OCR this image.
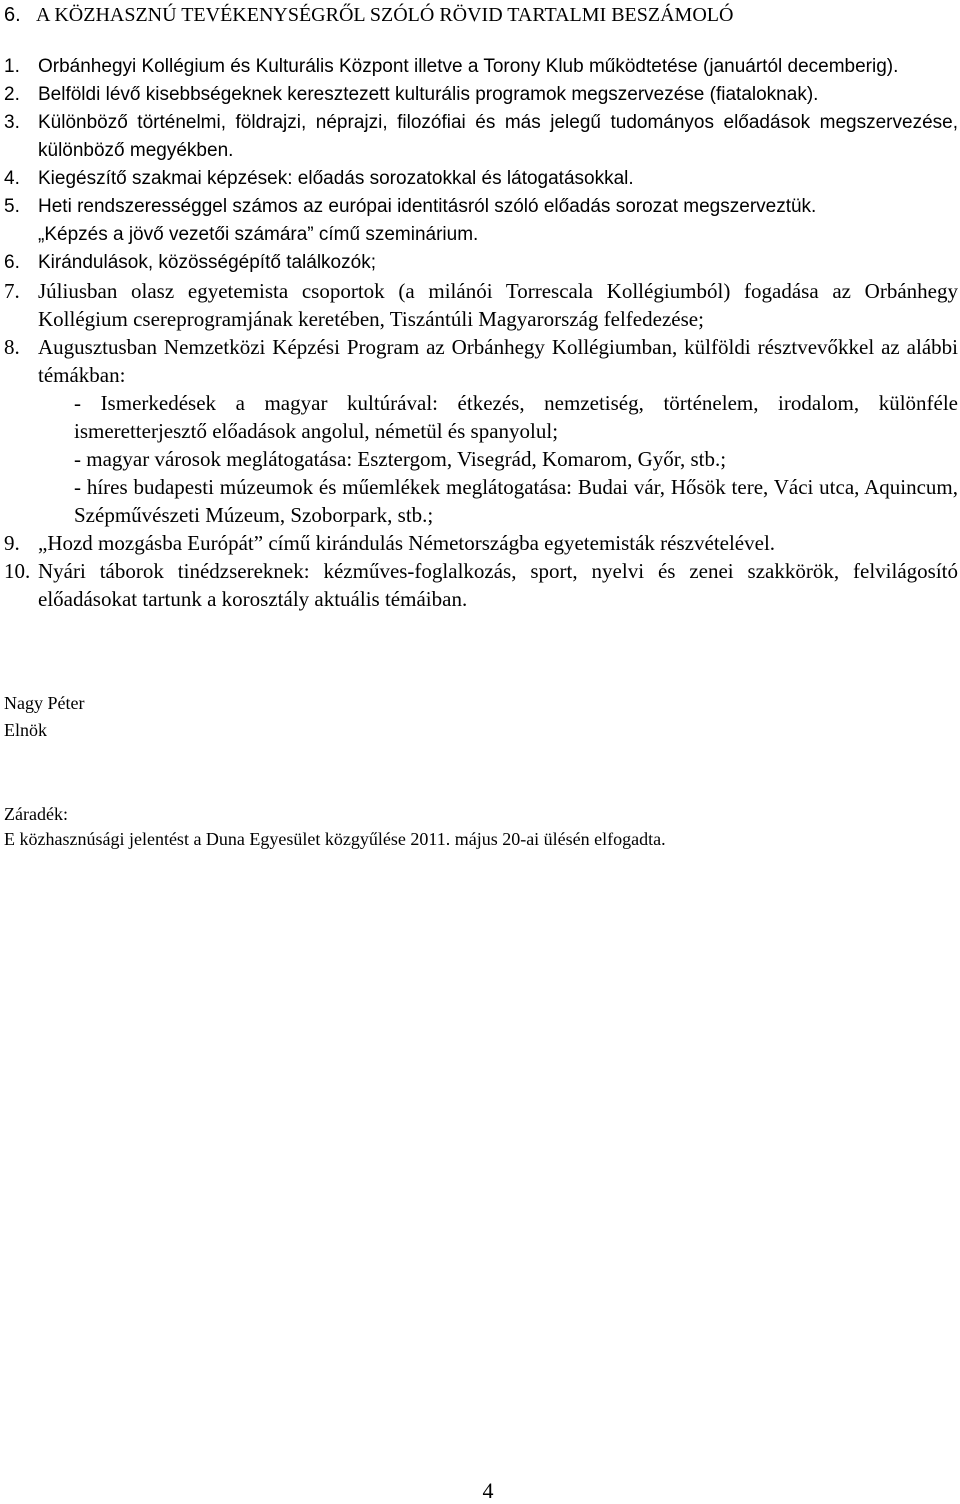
6. A KÖZHASZNÚ TEVÉKENYSÉGRŐL SZÓLÓ RÖVID TARTALMI BESZÁMOLÓ
1. Orbánhegyi Kollégium és Kulturális Központ illetve a Torony Klub működtetése (januártól decemberig).
2. Belföldi lévő kisebbségeknek keresztezett kulturális programok megszervezése (fiataloknak).
3. Különböző történelmi, földrajzi, néprajzi, filozófiai és más jelegű tudományos előadások megszervezése, különböző megyékben.
4. Kiegészítő szakmai képzések: előadás sorozatokkal és látogatásokkal.
5. Heti rendszerességgel számos az európai identitásról szóló előadás sorozat megszerveztük.
„Képzés a jövő vezetői számára” című szeminárium.
6. Kirándulások, közösségépítő találkozók;
7. Júliusban olasz egyetemista csoportok (a milánói Torrescala Kollégiumból) fogadása az Orbánhegy Kollégium csereprogramjának keretében, Tiszántúli Magyarország felfedezése;
8. Augusztusban Nemzetközi Képzési Program az Orbánhegy Kollégiumban, külföldi résztvevőkkel az alábbi témákban:
- Ismerkedések a magyar kultúrával: étkezés, nemzetiség, történelem, irodalom, különféle ismeretterjesztő előadások angolul, németül és spanyolul;
- magyar városok meglátogatása: Esztergom, Visegrád, Komarom, Győr, stb.;
- híres budapesti múzeumok és műemlékek meglátogatása: Budai vár, Hősök tere, Váci utca, Aquincum, Szépművészeti Múzeum, Szoborpark, stb.;
9. „Hozd mozgásba Európát” című kirándulás Németországba egyetemisták részvételével.
10. Nyári táborok tinédzsereknek: kézműves-foglalkozás, sport, nyelvi és zenei szakkörök, felvilágosító előadásokat tartunk a korosztály aktuális témáiban.
Nagy Péter
Elnök
Záradék:
E közhasznúsági jelentést a Duna Egyesület közgyűlése 2011. május 20-ai ülésén elfogadta.
4
